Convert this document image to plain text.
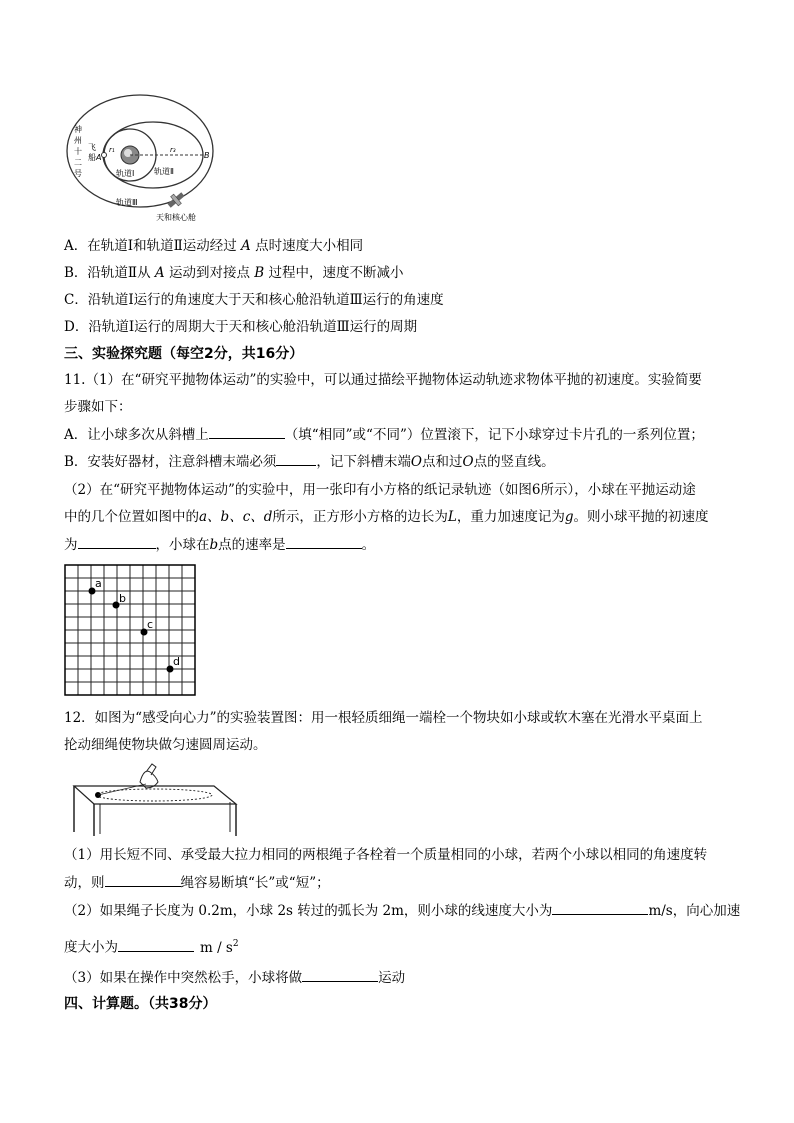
神
州
十
二
号
飞
船 A
r₁	r₃
B
轨道Ⅰ 轨道Ⅱ
轨道Ⅲ
天和核心舱
A．在轨道Ⅰ和轨道Ⅱ运动经过 A 点时速度大小相同
B．沿轨道Ⅱ从 A 运动到对接点 B 过程中，速度不断减小
C．沿轨道Ⅰ运行的角速度大于天和核心舱沿轨道Ⅲ运行的角速度
D．沿轨道Ⅰ运行的周期大于天和核心舱沿轨道Ⅲ运行的周期
三、实验探究题（每空2分，共16分）
11.（1）在“研究平抛物体运动”的实验中，可以通过描绘平抛物体运动轨迹求物体平抛的初速度。实验简要
步骤如下：
A．让小球多次从斜槽上	（填“相同”或“不同”）位置滚下，记下小球穿过卡片孔的一系列位置；
B．安装好器材，注意斜槽末端必须	，记下斜槽末端O点和过O点的竖直线。
（2）在“研究平抛物体运动”的实验中，用一张印有小方格的纸记录轨迹（如图6所示），小球在平抛运动途
中的几个位置如图中的a、b、c、d所示，正方形小方格的边长为L，重力加速度记为g。则小球平抛的初速度
为	，小球在b点的速率是	。
a
b
c
d
12．如图为“感受向心力”的实验装置图：用一根轻质细绳一端栓一个物块如小球或软木塞在光滑水平桌面上
抡动细绳使物块做匀速圆周运动。
（1）用长短不同、承受最大拉力相同的两根绳子各栓着一个质量相同的小球，若两个小球以相同的角速度转
动，则	绳容易断填“长”或“短”；
（2）如果绳子长度为 0.2m，小球 2s 转过的弧长为 2m，则小球的线速度大小为	m/s，向心加速
度大小为	m / $s^2$
（3）如果在操作中突然松手，小球将做	运动
四、计算题。（共38分）
